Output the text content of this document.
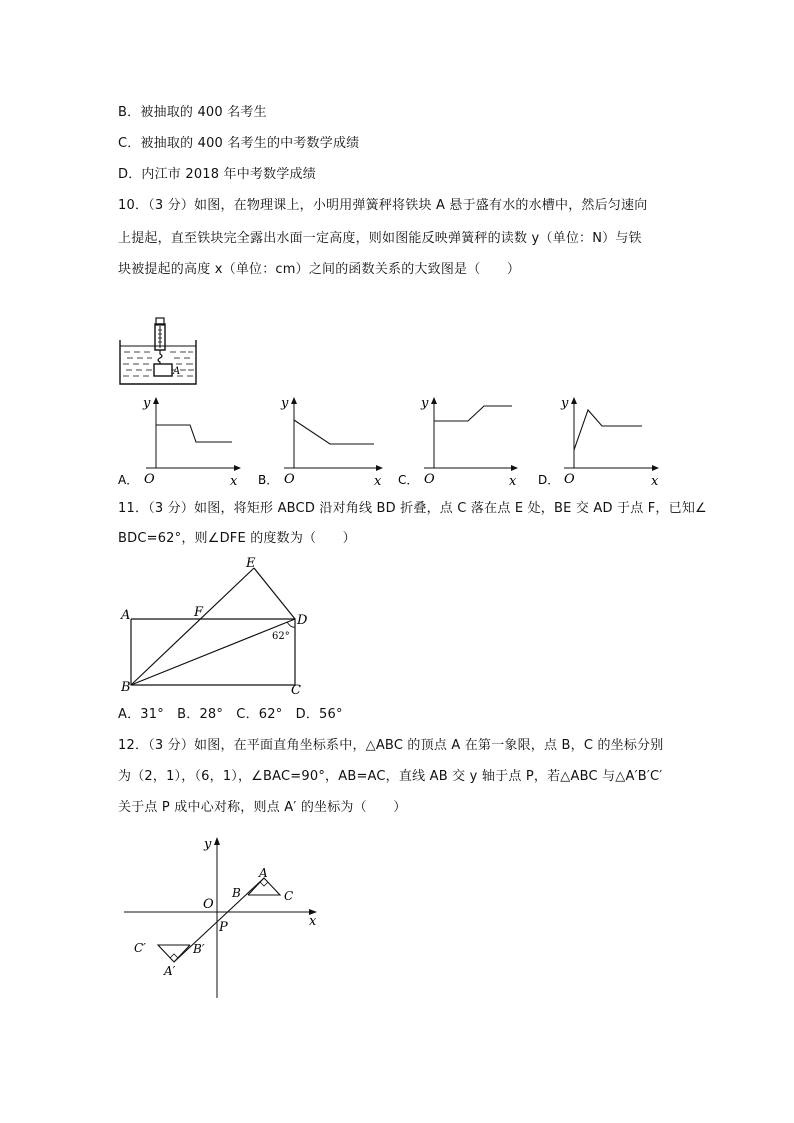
B．被抽取的 400 名考生
C．被抽取的 400 名考生的中考数学成绩
D．内江市 2018 年中考数学成绩
10．（3 分）如图，在物理课上，小明用弹簧秤将铁块 A 悬于盛有水的水槽中，然后匀速向
上提起，直至铁块完全露出水面一定高度，则如图能反映弹簧秤的读数 y（单位：N）与铁
块被提起的高度 x（单位：cm）之间的函数关系的大致图是（　　）
A
y
x
O
A．
y
x
O
B．
y
x
O
C．
y
x
O
D．
11．（3 分）如图，将矩形 ABCD 沿对角线 BD 折叠，点 C 落在点 E 处，BE 交 AD 于点 F，已知∠
BDC=62°，则∠DFE 的度数为（　　）
A
B	C
D
E
F
62°
A．31°　B．28°　C．62°　D．56°
12．（3 分）如图，在平面直角坐标系中，△ABC 的顶点 A 在第一象限，点 B，C 的坐标分别
为（2，1），（6，1），∠BAC=90°，AB=AC，直线 AB 交 y 轴于点 P，若△ABC 与△A′B′C′
关于点 P 成中心对称，则点 A′ 的坐标为（　　）
y
x
O
P
A
B	C
A′
B′
C′
